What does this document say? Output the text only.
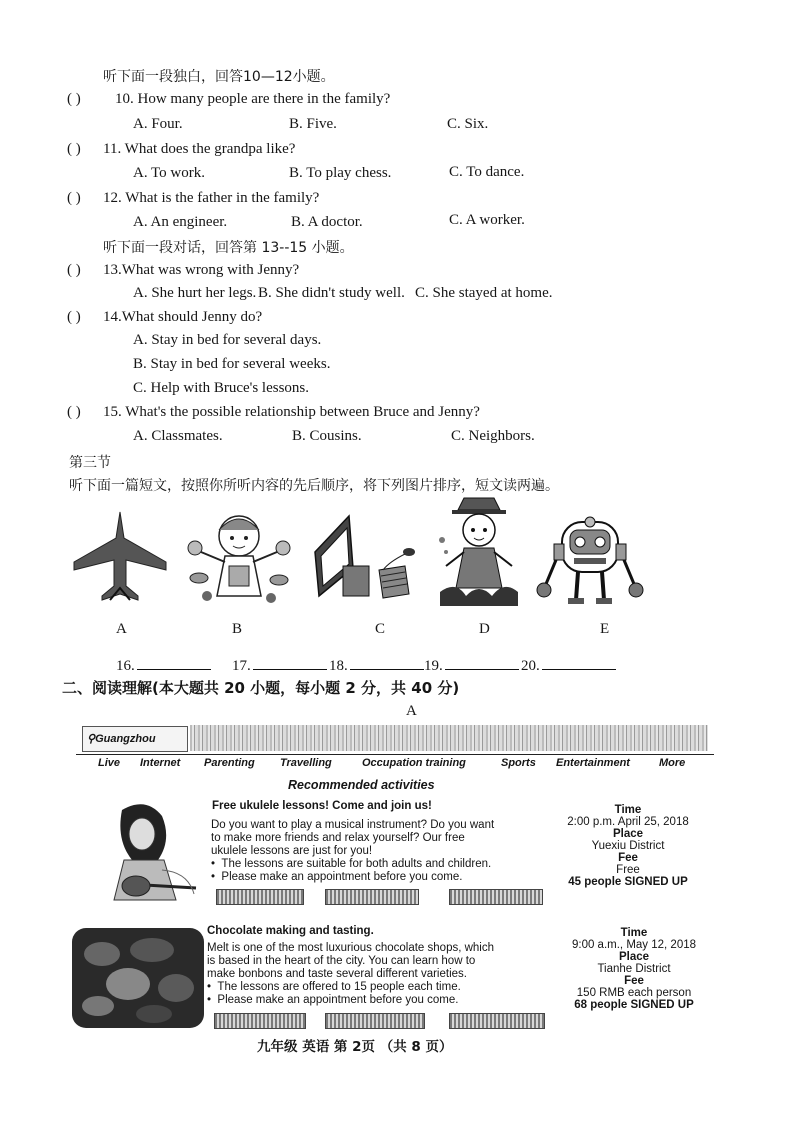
听下面一段独白，回答10—12小题。
( ) 10. How many people are there in the family?
A. Four.	B. Five.	C. Six.
( ) 11. What does the grandpa like?
A. To work.	B. To play chess.	C. To dance.
( ) 12. What is the father in the family?
A. An engineer.	B. A doctor.	C. A worker.
听下面一段对话，回答第 13--15 小题。
( ) 13.What was wrong with Jenny?
A. She hurt her legs. B. She didn't study well. C. She stayed at home.
( ) 14.What should Jenny do?
A. Stay in bed for several days.
B. Stay in bed for several weeks.
C. Help with Bruce's lessons.
( ) 15. What's the possible relationship between Bruce and Jenny?
A. Classmates.	B. Cousins.	C. Neighbors.
第三节
听下面一篇短文，按照你所听内容的先后顺序，将下列图片排序，短文读两遍。
A	B	C	D	E
16.	17.	18.	19.	20.
二、阅读理解(本大题共 20 小题，每小题 2 分，共 40 分)
A
⚲Guangzhou
Live Internet Parenting Travelling	Occupation training	Sports Entertainment	More
Recommended activities
Free ukulele lessons! Come and join us!
Do you want to play a musical instrument? Do you want
to make more friends and relax yourself? Our free
ukulele lessons are just for you!
•  The lessons are suitable for both adults and children.
•  Please make an appointment before you come.
Time
2:00 p.m. April 25, 2018
Place
Yuexiu District
Fee
Free
45 people SIGNED UP
Chocolate making and tasting.
Melt is one of the most luxurious chocolate shops, which
is based in the heart of the city. You can learn how to
make bonbons and taste several different varieties.
•  The lessons are offered to 15 people each time.
•  Please make an appointment before you come.
Time
9:00 a.m., May 12, 2018
Place
Tianhe District
Fee
150 RMB each person
68 people SIGNED UP
九年级 英语 第 2页 （共 8 页）
